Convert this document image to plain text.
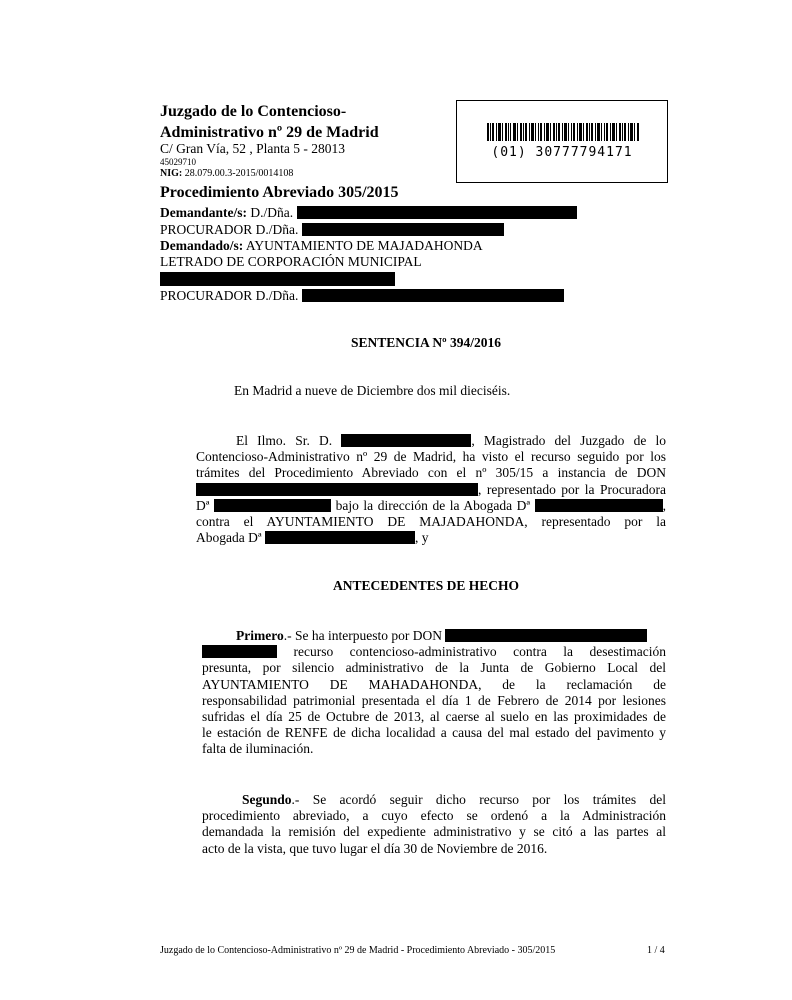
Juzgado de lo Contencioso-
Administrativo nº 29 de Madrid
C/ Gran Vía, 52 , Planta 5 - 28013
45029710
NIG: 28.079.00.3-2015/0014108
Procedimiento Abreviado 305/2015
(01) 30777794171
Demandante/s: D./Dña.
PROCURADOR D./Dña.
Demandado/s: AYUNTAMIENTO DE MAJADAHONDA
LETRADO DE CORPORACIÓN MUNICIPAL
PROCURADOR D./Dña.
SENTENCIA Nº 394/2016
En Madrid a nueve de Diciembre dos mil dieciséis.
El Ilmo. Sr. D.	, Magistrado del Juzgado de lo
Contencioso-Administrativo nº 29 de Madrid, ha visto el recurso seguido por los
trámites del Procedimiento Abreviado con el nº 305/15 a instancia de DON
, representado por la Procuradora
Dª	bajo la dirección de la Abogada Dª	,
contra el AYUNTAMIENTO DE MAJADAHONDA, representado por la
Abogada Dª	, y
ANTECEDENTES DE HECHO
Primero.- Se ha interpuesto por DON
recurso contencioso-administrativo contra la desestimación
presunta, por silencio administrativo de la Junta de Gobierno Local del
AYUNTAMIENTO DE MAHADAHONDA, de la reclamación de
responsabilidad patrimonial presentada el día 1 de Febrero de 2014 por lesiones
sufridas el día 25 de Octubre de 2013, al caerse al suelo en las proximidades de
le estación de RENFE de dicha localidad a causa del mal estado del pavimento y
falta de iluminación.
Segundo.- Se acordó seguir dicho recurso por los trámites del
procedimiento abreviado, a cuyo efecto se ordenó a la Administración
demandada la remisión del expediente administrativo y se citó a las partes al
acto de la vista, que tuvo lugar el día 30 de Noviembre de 2016.
Juzgado de lo Contencioso-Administrativo nº 29 de Madrid - Procedimiento Abreviado - 305/2015	1 / 4
